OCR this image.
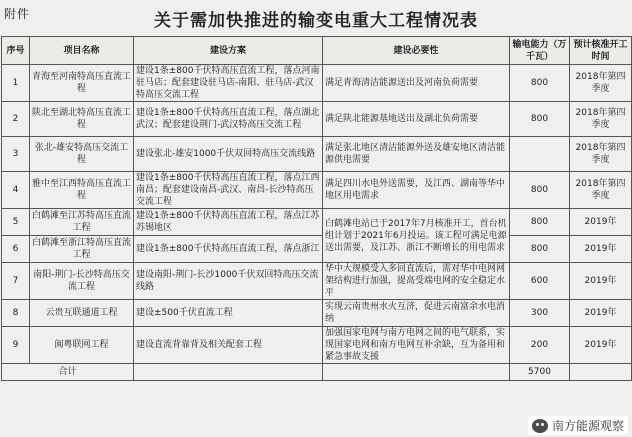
附件	关于需加快推进的输变电重大工程情况表
序号	项目名称	建设方案	建设必要性	输电能力（万千瓦）	预计核准开工时间
1	青海至河南特高压直流工程	建设1条±800千伏特高压直流工程，落点河南驻马店；配套建设驻马店-南阳、驻马店-武汉特高压交流工程	满足青海清洁能源送出及河南负荷需要	800	2018年第四季度
2	陕北至湖北特高压直流工程	建设1条±800千伏特高压直流工程，落点湖北武汉；配套建设荆门-武汉特高压交流工程	满足陕北能源基地送出及湖北负荷需要	800	2018年第四季度
3	张北-雄安特高压交流工程	建设张北-雄安1000千伏双回特高压交流线路	满足张北地区清洁能源外送及雄安地区清洁能源供电需要		2018年第四季度
4	雅中至江西特高压直流工程	建设1条±800千伏特高压直流工程，落点江西南昌；配套建设南昌-武汉、南昌-长沙特高压交流工程	满足四川水电外送需要，及江西、湖南等华中地区用电需求	800	2018年第四季度
5	白鹤滩至江苏特高压直流工程	建设1条±800千伏特高压直流工程，落点江苏苏锡地区	白鹤滩电站已于2017年7月核准开工，首台机组计划于2021年6月投运。该工程可满足电源送出需要，及江苏、浙江不断增长的用电需求	800	2019年
6	白鹤滩至浙江特高压直流工程	建设1条±800千伏特高压直流工程，落点浙江		800	2019年
7	南阳-荆门-长沙特高压交流工程	建设南阳-荆门-长沙1000千伏双回特高压交流线路	华中大规模受入多回直流后，需对华中电网网架结构进行加强，提高受端电网的安全稳定水平	600	2019年
8	云贵互联通道工程	建设±500千伏直流工程	实现云南贵州水火互济，促进云南富余水电消纳	300	2019年
9	闽粤联网工程	建设直流背靠背及相关配套工程	加强国家电网与南方电网之间的电气联系，实现国家电网和南方电网互补余缺，互为备用和紧急事故支援	200	2019年
合计				5700	
南方能源观察
